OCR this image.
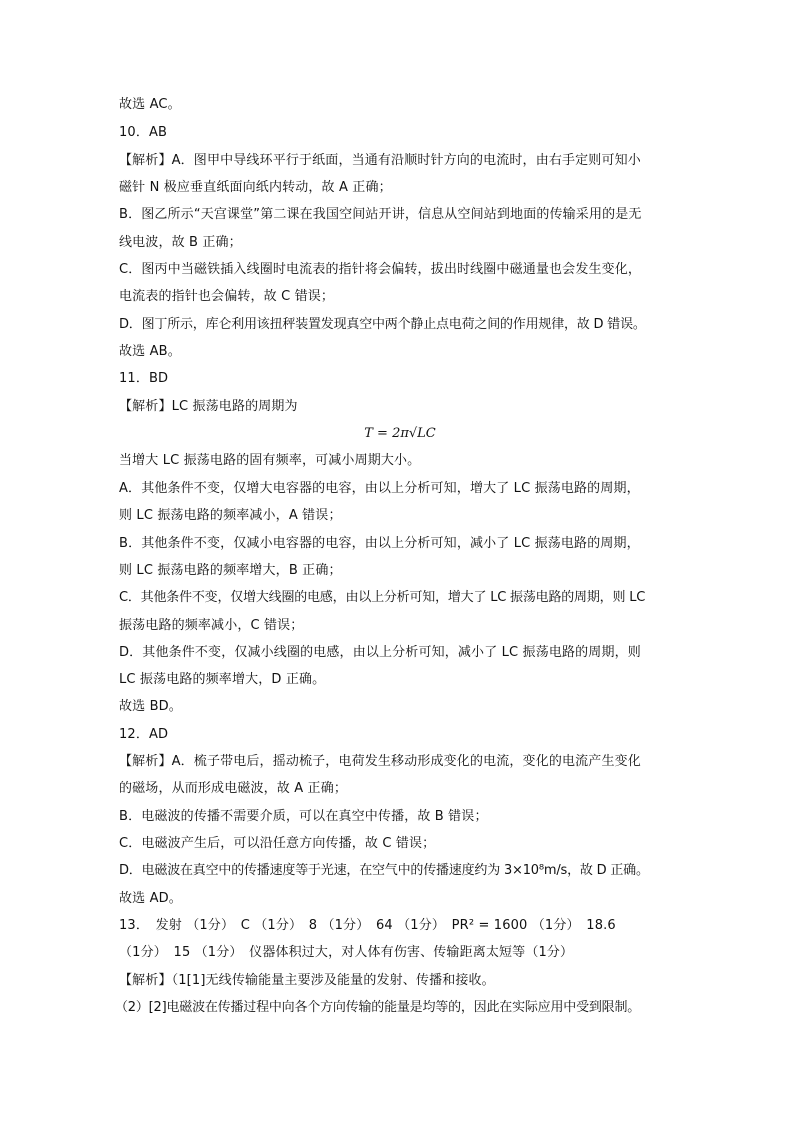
故选 AC。
10．AB
【解析】A．图甲中导线环平行于纸面，当通有沿顺时针方向的电流时，由右手定则可知小
磁针 N 极应垂直纸面向纸内转动，故 A 正确；
B．图乙所示“天宫课堂”第二课在我国空间站开讲，信息从空间站到地面的传输采用的是无
线电波，故 B 正确；
C．图丙中当磁铁插入线圈时电流表的指针将会偏转，拔出时线圈中磁通量也会发生变化，
电流表的指针也会偏转，故 C 错误；
D．图丁所示，库仑利用该扭秤装置发现真空中两个静止点电荷之间的作用规律，故 D 错误。
故选 AB。
11．BD
【解析】LC 振荡电路的周期为
T = 2π√LC
当增大 LC 振荡电路的固有频率，可减小周期大小。
A．其他条件不变，仅增大电容器的电容，由以上分析可知，增大了 LC 振荡电路的周期，
则 LC 振荡电路的频率减小，A 错误；
B．其他条件不变，仅减小电容器的电容，由以上分析可知，减小了 LC 振荡电路的周期，
则 LC 振荡电路的频率增大，B 正确；
C．其他条件不变，仅增大线圈的电感，由以上分析可知，增大了 LC 振荡电路的周期，则 LC
振荡电路的频率减小，C 错误；
D．其他条件不变，仅减小线圈的电感，由以上分析可知，减小了 LC 振荡电路的周期，则
LC 振荡电路的频率增大，D 正确。
故选 BD。
12．AD
【解析】A．梳子带电后，摇动梳子，电荷发生移动形成变化的电流，变化的电流产生变化
的磁场，从而形成电磁波，故 A 正确；
B．电磁波的传播不需要介质，可以在真空中传播，故 B 错误；
C．电磁波产生后，可以沿任意方向传播，故 C 错误；
D．电磁波在真空中的传播速度等于光速，在空气中的传播速度约为 3×10⁸m/s，故 D 正确。
故选 AD。
13．　发射 （1分）　C （1分）　8 （1分）　64 （1分）　PR² = 1600 （1分）　18.6
（1分）　15 （1分）　仪器体积过大，对人体有伤害、传输距离太短等（1分）
【解析】（1[1]无线传输能量主要涉及能量的发射、传播和接收。
（2）[2]电磁波在传播过程中向各个方向传输的能量是均等的，因此在实际应用中受到限制。
